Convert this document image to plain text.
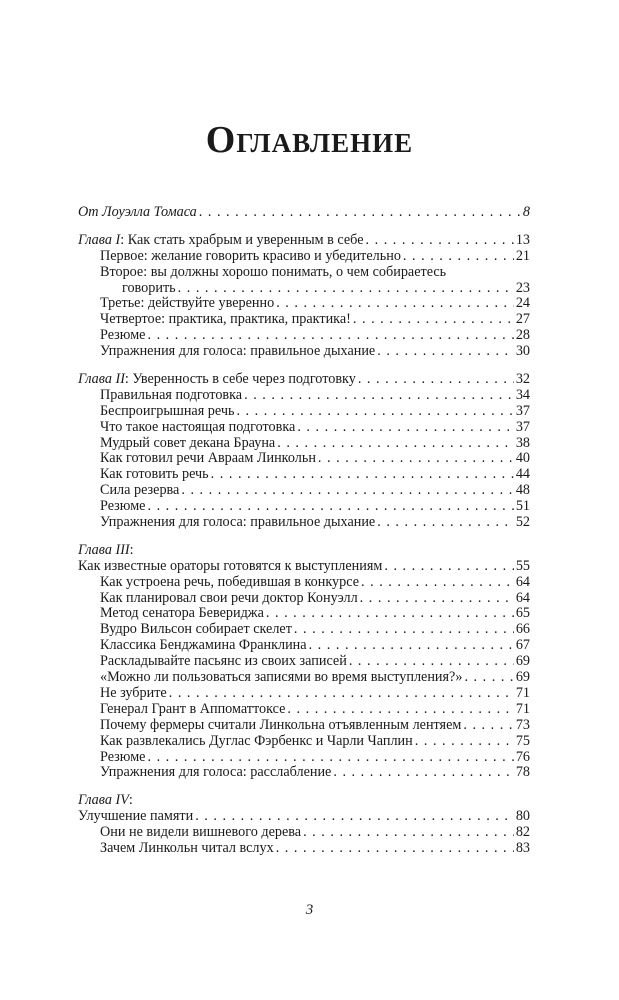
Оглавление
От Лоуэлла Томаса . . .	8
Глава I: Как стать храбрым и уверенным в себе . . .	13
Первое: желание говорить красиво и убедительно . . .	21
Второе: вы должны хорошо понимать, о чем собираетесь
говорить . . .	23
Третье: действуйте уверенно . . .	24
Четвертое: практика, практика, практика! . . .	27
Резюме . . .	28
Упражнения для голоса: правильное дыхание . . .	30
Глава II: Уверенность в себе через подготовку . . .	32
Правильная подготовка . . .	34
Беспроигрышная речь . . .	37
Что такое настоящая подготовка . . .	37
Мудрый совет декана Брауна . . .	38
Как готовил речи Авраам Линкольн . . .	40
Как готовить речь . . .	44
Сила резерва . . .	48
Резюме . . .	51
Упражнения для голоса: правильное дыхание . . .	52
Глава III:
Как известные ораторы готовятся к выступлениям . . .	55
Как устроена речь, победившая в конкурсе . . .	64
Как планировал свои речи доктор Конуэлл . . .	64
Метод сенатора Бевериджа . . .	65
Вудро Вильсон собирает скелет . . .	66
Классика Бенджамина Франклина . . .	67
Раскладывайте пасьянс из своих записей . . .	69
«Можно ли пользоваться записями во время выступления?» . . .	69
Не зубрите . . .	71
Генерал Грант в Аппоматтоксе . . .	71
Почему фермеры считали Линкольна отъявленным лентяем . . .	73
Как развлекались Дуглас Фэрбенкс и Чарли Чаплин . . .	75
Резюме . . .	76
Упражнения для голоса: расслабление . . .	78
Глава IV:
Улучшение памяти . . .	80
Они не видели вишневого дерева . . .	82
Зачем Линкольн читал вслух . . .	83
3
